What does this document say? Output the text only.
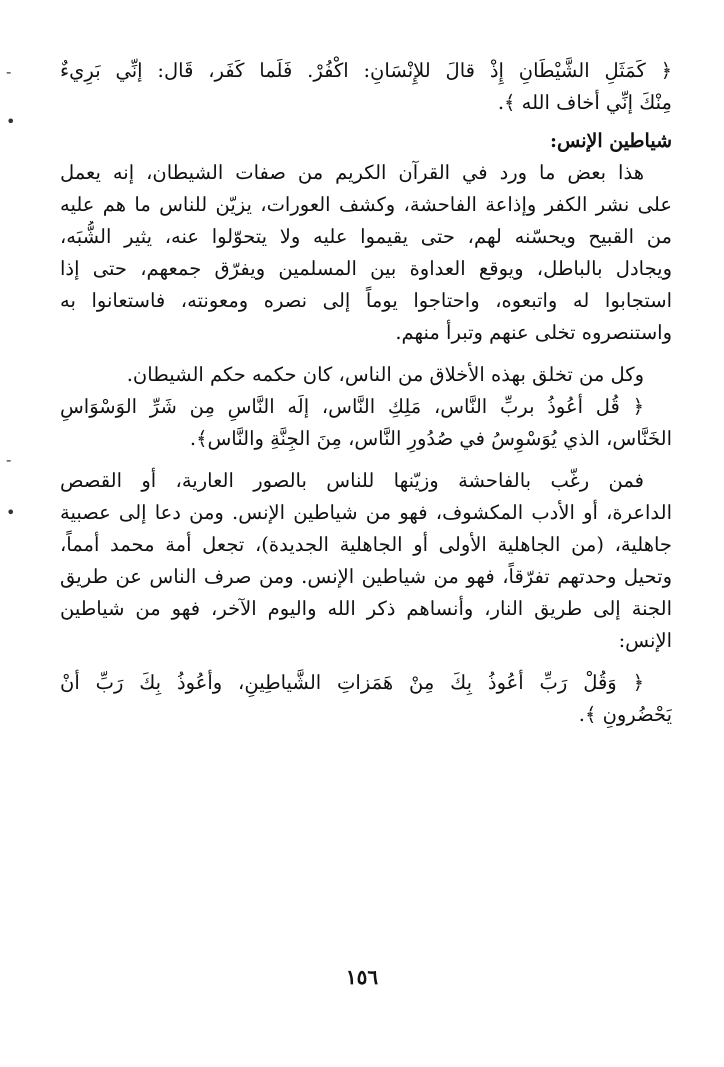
-
•
-
•
﴿ كَمَثَلِ الشَّيْطَانِ إِذْ قالَ للإِنْسَانِ: اكْفُرْ. فَلَما كَفَر، قَال: إنِّي بَرِيءٌ
مِنْكَ إنِّي أخاف الله ﴾.
شياطين الإنس:
هذا بعض ما ورد في القرآن الكريم من صفات الشيطان، إنه يعمل
على نشر الكفر وإذاعة الفاحشة، وكشف العورات، يزيّن للناس ما هم عليه
من القبيح ويحسّنه لهم، حتى يقيموا عليه ولا يتحوّلوا عنه، يثير الشُّبَه،
ويجادل بالباطل، ويوقع العداوة بين المسلمين ويفرّق جمعهم، حتى إذا
استجابوا له واتبعوه، واحتاجوا يوماً إلى نصره ومعونته، فاستعانوا به
واستنصروه تخلى عنهم وتبرأ منهم.
وكل من تخلق بهذه الأخلاق من الناس، كان حكمه حكم الشيطان.
﴿ قُل أعُوذُ بربِّ النَّاس، مَلِكِ النَّاس، إلَه النَّاسِ مِن شَرِّ الوَسْوَاسِ
الخَنَّاس، الذي يُوَسْوِسُ في صُدُورِ النَّاس، مِنَ الجِنَّةِ والنَّاس﴾.
فمن رغّب بالفاحشة وزيّنها للناس بالصور العارية، أو القصص
الداعرة، أو الأدب المكشوف، فهو من شياطين الإنس. ومن دعا إلى عصبية
جاهلية، (من الجاهلية الأولى أو الجاهلية الجديدة)، تجعل أمة محمد أمماً،
وتحيل وحدتهم تفرّقاً، فهو من شياطين الإنس. ومن صرف الناس عن طريق
الجنة إلى طريق النار، وأنساهم ذكر الله واليوم الآخر، فهو من شياطين
الإنس:
﴿ وَقُلْ رَبِّ أعُوذُ بِكَ مِنْ هَمَزاتِ الشَّياطِينِ، وأعُوذُ بِكَ رَبِّ أنْ
يَحْضُرونِ ﴾.
١٥٦
